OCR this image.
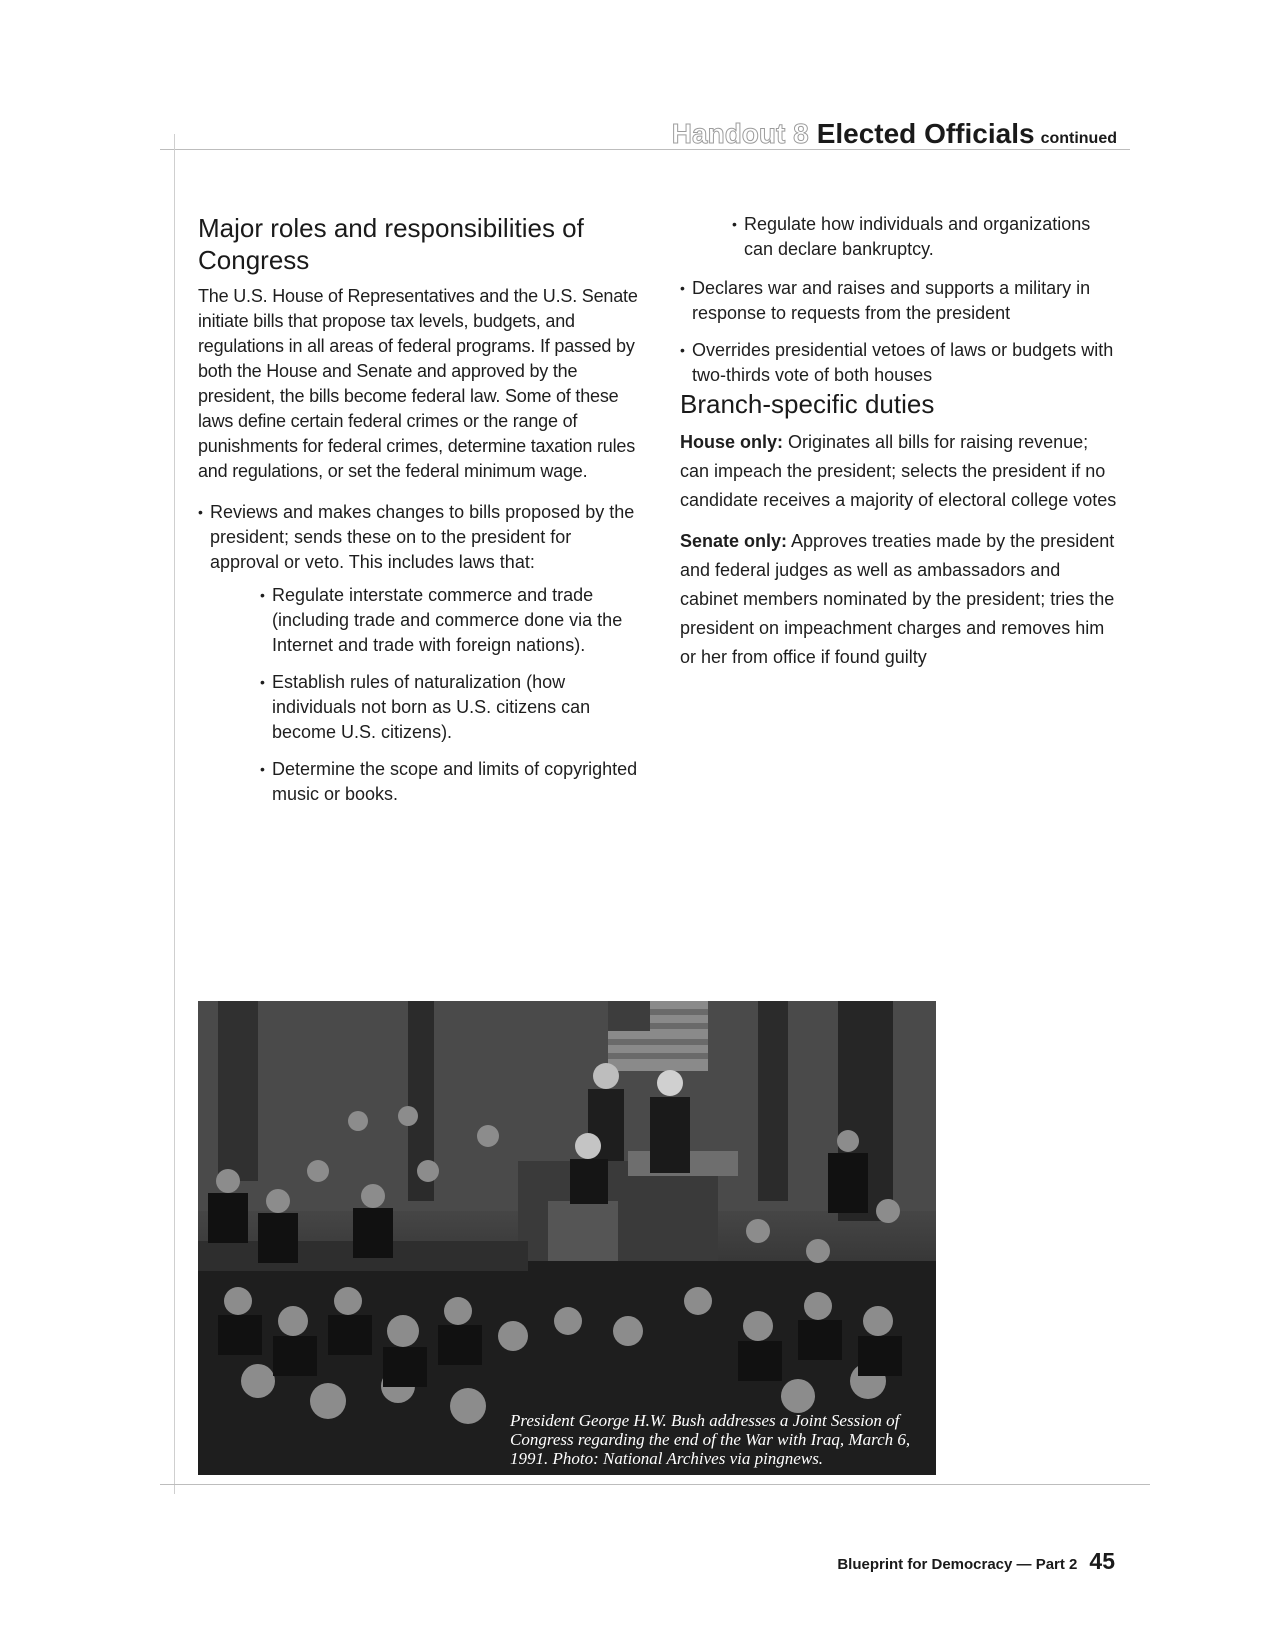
Handout 8 Elected Officials continued
Major roles and responsibilities of Congress

The U.S. House of Representatives and the U.S. Senate initiate bills that propose tax levels, budgets, and regulations in all areas of federal programs. If passed by both the House and Senate and approved by the president, the bills become federal law. Some of these laws define certain federal crimes or the range of punishments for federal crimes, determine taxation rules and regulations, or set the federal minimum wage.

• Reviews and makes changes to bills proposed by the president; sends these on to the president for approval or veto. This includes laws that:
• Regulate interstate commerce and trade (including trade and commerce done via the Internet and trade with foreign nations).
• Establish rules of naturalization (how individuals not born as U.S. citizens can become U.S. citizens).
• Determine the scope and limits of copyrighted music or books.
• Regulate how individuals and organizations can declare bankruptcy.
• Declares war and raises and supports a military in response to requests from the president
• Overrides presidential vetoes of laws or budgets with two-thirds vote of both houses
Branch-specific duties

House only: Originates all bills for raising revenue; can impeach the president; selects the president if no candidate receives a majority of electoral college votes

Senate only: Approves treaties made by the president and federal judges as well as ambassadors and cabinet members nominated by the president; tries the president on impeachment charges and removes him or her from office if found guilty

President George H.W. Bush addresses a Joint Session of Congress regarding the end of the War with Iraq, March 6, 1991. Photo: National Archives via pingnews.
Blueprint for Democracy — Part 2 45
